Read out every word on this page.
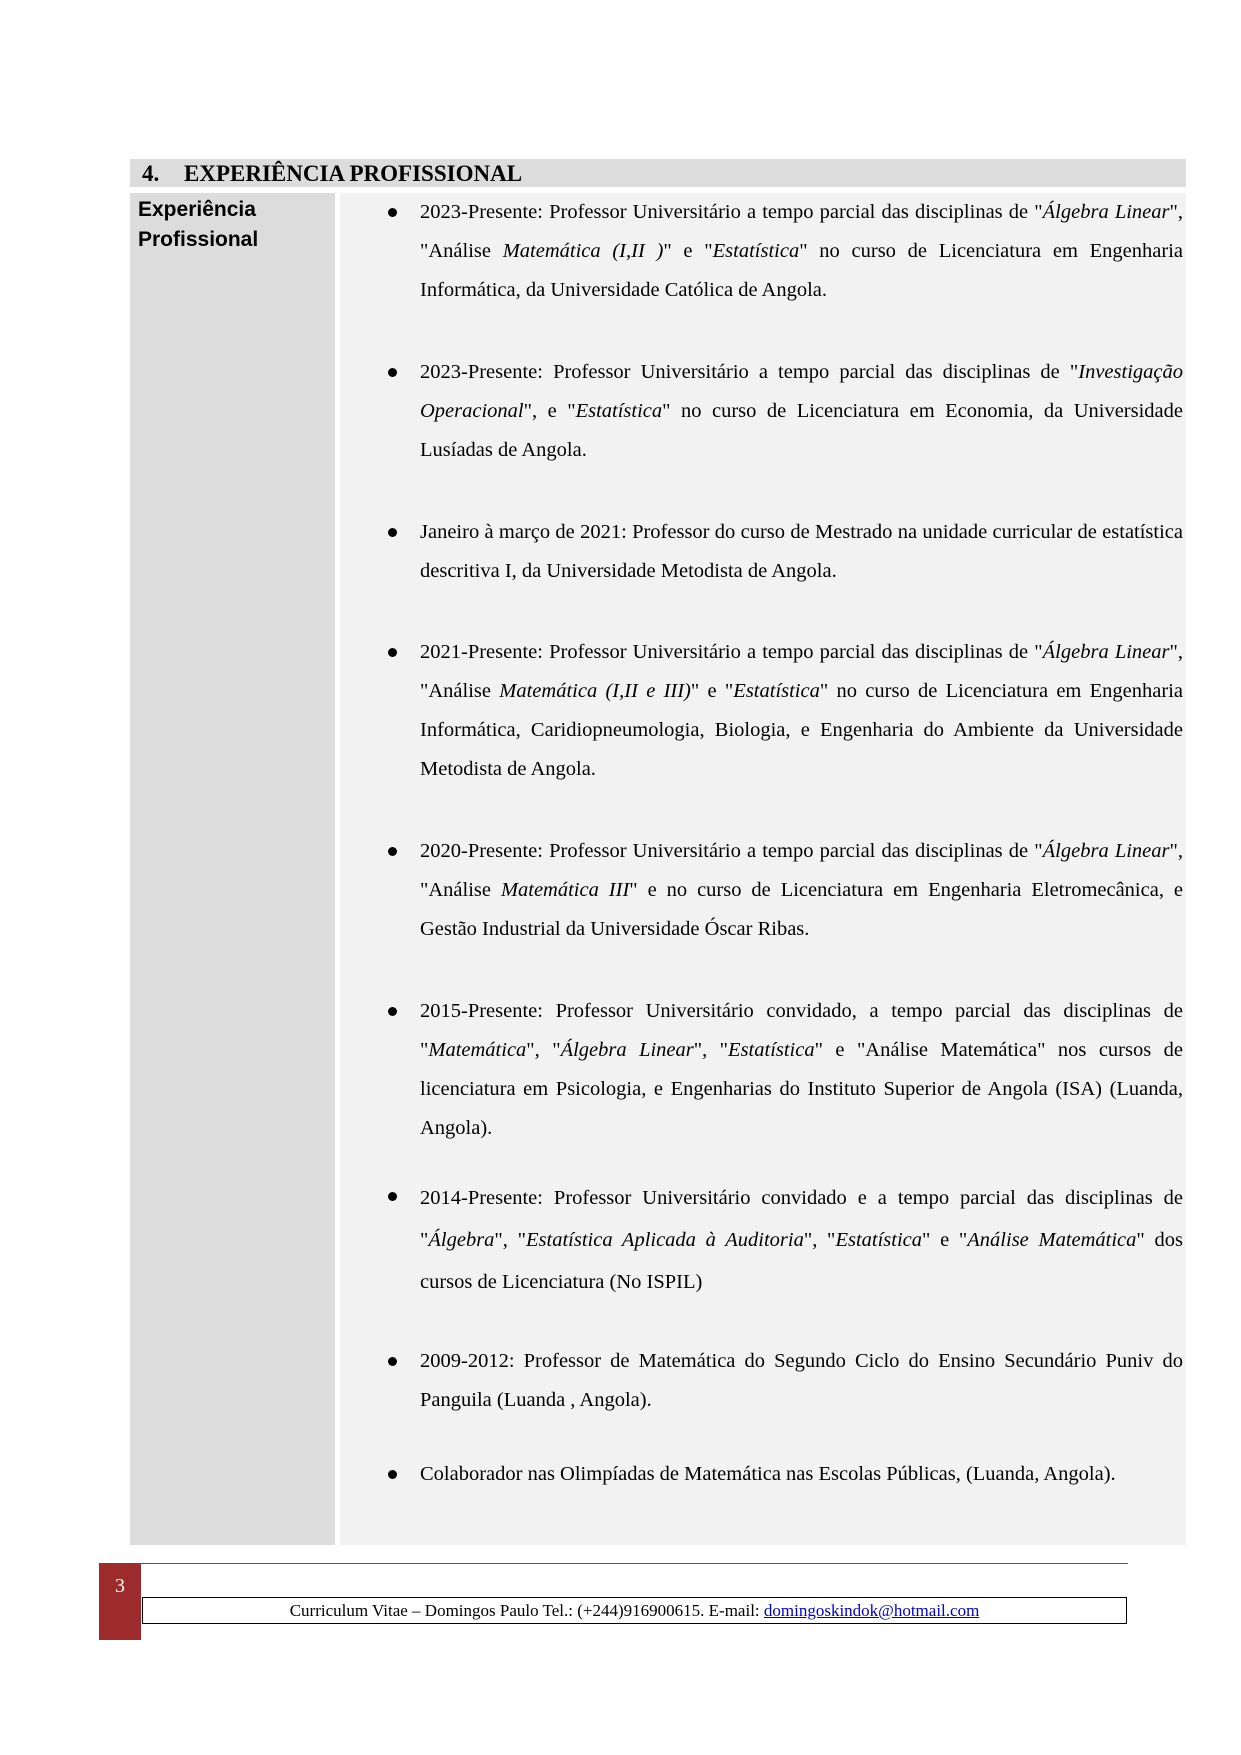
4. EXPERIÊNCIA PROFISSIONAL
Experiência
Profissional
2023-Presente: Professor Universitário a tempo parcial das disciplinas de "Álgebra Linear", "Análise Matemática (I,II )" e "Estatística" no curso de Licenciatura em Engenharia Informática, da Universidade Católica de Angola.
2023-Presente: Professor Universitário a tempo parcial das disciplinas de "Investigação Operacional", e "Estatística" no curso de Licenciatura em Economia, da Universidade Lusíadas de Angola.
Janeiro à março de 2021: Professor do curso de Mestrado na unidade curricular de estatística descritiva I, da Universidade Metodista de Angola.
2021-Presente: Professor Universitário a tempo parcial das disciplinas de "Álgebra Linear", "Análise Matemática (I,II e III)" e "Estatística" no curso de Licenciatura em Engenharia Informática, Caridiopneumologia, Biologia, e Engenharia do Ambiente da Universidade Metodista de Angola.
2020-Presente: Professor Universitário a tempo parcial das disciplinas de "Álgebra Linear", "Análise Matemática III" e no curso de Licenciatura em Engenharia Eletromecânica, e Gestão Industrial da Universidade Óscar Ribas.
2015-Presente: Professor Universitário convidado, a tempo parcial das disciplinas de "Matemática", "Álgebra Linear", "Estatística" e "Análise Matemática" nos cursos de licenciatura em Psicologia, e Engenharias do Instituto Superior de Angola (ISA) (Luanda, Angola).
2014-Presente: Professor Universitário convidado e a tempo parcial das disciplinas de "Álgebra", "Estatística Aplicada à Auditoria", "Estatística" e "Análise Matemática" dos cursos de Licenciatura (No ISPIL)
2009-2012: Professor de Matemática do Segundo Ciclo do Ensino Secundário Puniv do Panguila (Luanda , Angola).
Colaborador nas Olimpíadas de Matemática nas Escolas Públicas, (Luanda, Angola).
3
Curriculum Vitae – Domingos Paulo Tel.: (+244)916900615. E-mail: domingoskindok@hotmail.com
